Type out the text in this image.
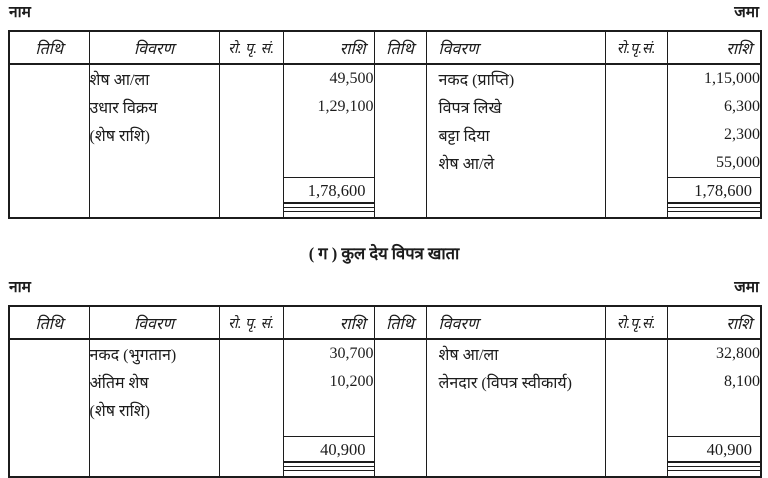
नाम	जमा
तिथि	विवरण	रो. पृ. सं.	राशि	तिथि	विवरण	रो.पृ.सं.	राशि
	शेष आ/ला		49,500		नकद (प्राप्ति)		1,15,000
	उधार विक्रय		1,29,100		विपत्र लिखे		6,300
	(शेष राशि)				बट्टा दिया		2,300
					शेष आ/ले		55,000

			1,78,600				1,78,600

( ग ) कुल देय विपत्र खाता
नाम	जमा
तिथि	विवरण	रो. पृ. सं.	राशि	तिथि	विवरण	रो.पृ.सं.	राशि
	नकद (भुगतान)		30,700		शेष आ/ला		32,800
	अंतिम शेष		10,200		लेनदार (विपत्र स्वीकार्य)		8,100
	(शेष राशि)						

			40,900				40,900
